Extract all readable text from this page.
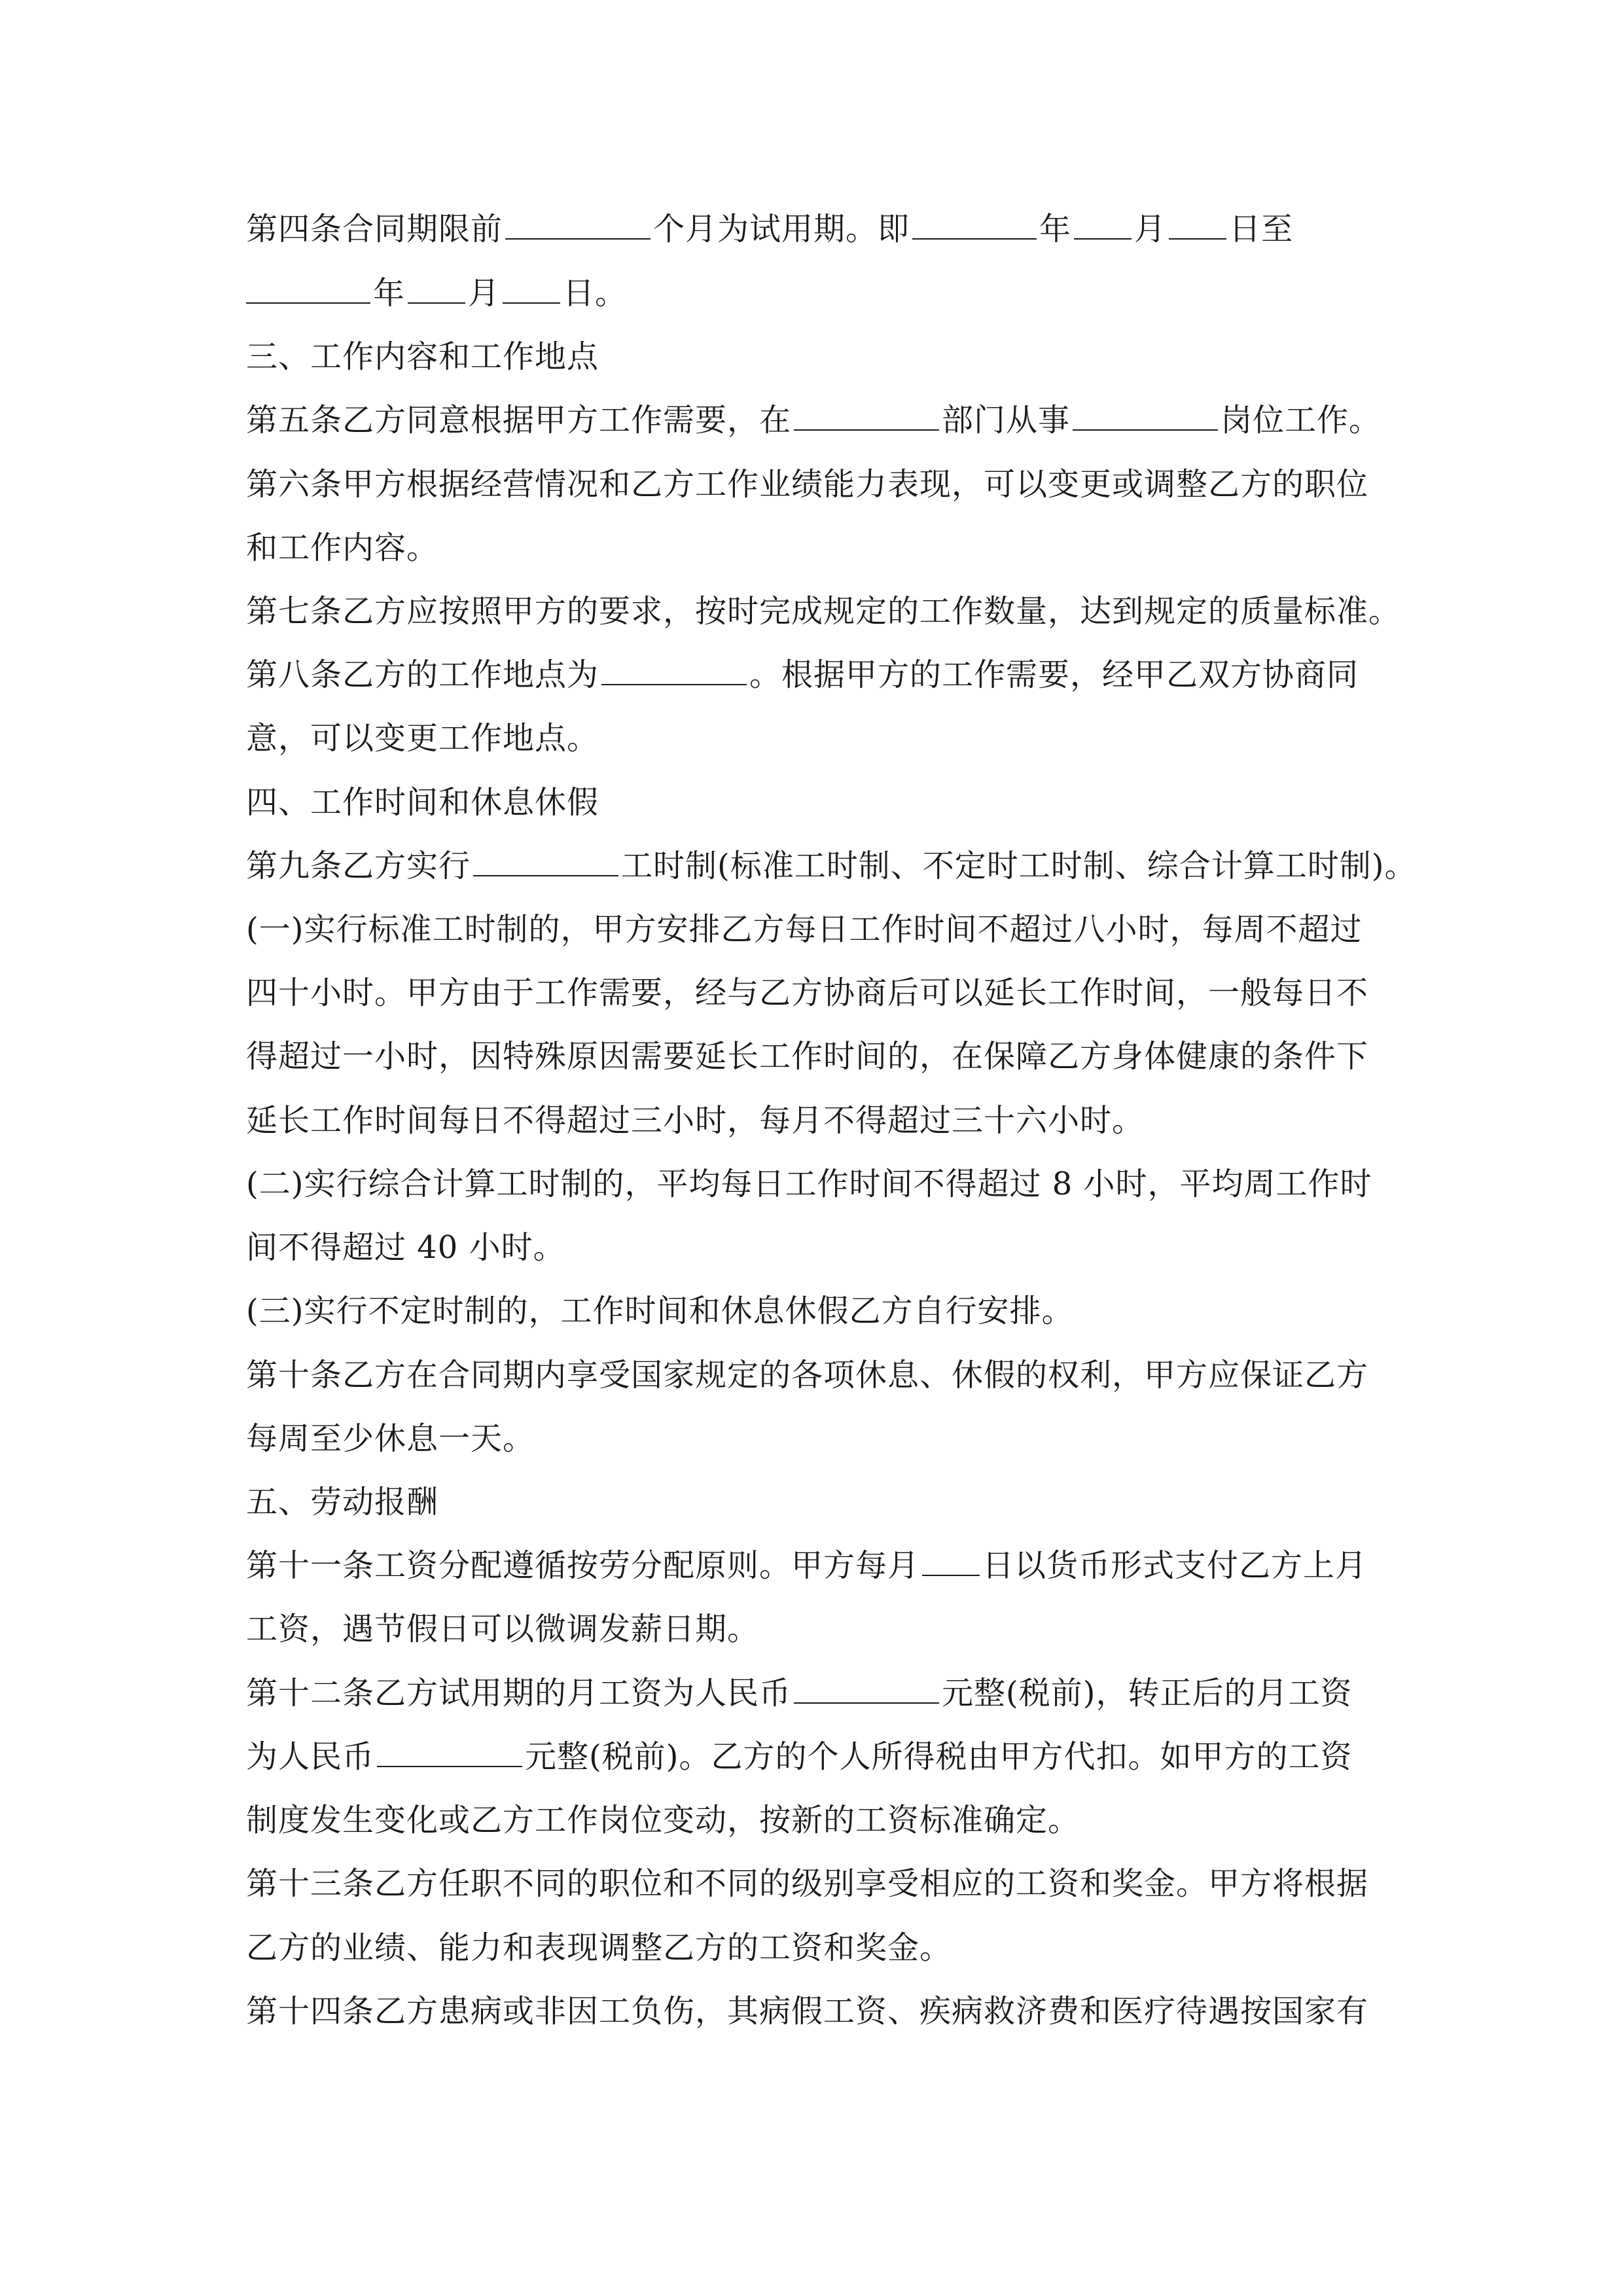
第四条合同期限前	个月为试用期。即	年 月 日至
年 月 日。
三、工作内容和工作地点
第五条乙方同意根据甲方工作需要，在	部门从事	岗位工作。
第六条甲方根据经营情况和乙方工作业绩能力表现，可以变更或调整乙方的职位
和工作内容。
第七条乙方应按照甲方的要求，按时完成规定的工作数量，达到规定的质量标准。
第八条乙方的工作地点为	。根据甲方的工作需要，经甲乙双方协商同
意，可以变更工作地点。
四、工作时间和休息休假
第九条乙方实行	工时制(标准工时制、不定时工时制、综合计算工时制)。
(一)实行标准工时制的，甲方安排乙方每日工作时间不超过八小时，每周不超过
四十小时。甲方由于工作需要，经与乙方协商后可以延长工作时间，一般每日不
得超过一小时，因特殊原因需要延长工作时间的，在保障乙方身体健康的条件下
延长工作时间每日不得超过三小时，每月不得超过三十六小时。
(二)实行综合计算工时制的，平均每日工作时间不得超过 8 小时，平均周工作时
间不得超过 40 小时。
(三)实行不定时制的，工作时间和休息休假乙方自行安排。
第十条乙方在合同期内享受国家规定的各项休息、休假的权利，甲方应保证乙方
每周至少休息一天。
五、劳动报酬
第十一条工资分配遵循按劳分配原则。甲方每月 日以货币形式支付乙方上月
工资，遇节假日可以微调发薪日期。
第十二条乙方试用期的月工资为人民币	元整(税前)，转正后的月工资
为人民币	元整(税前)。乙方的个人所得税由甲方代扣。如甲方的工资
制度发生变化或乙方工作岗位变动，按新的工资标准确定。
第十三条乙方任职不同的职位和不同的级别享受相应的工资和奖金。甲方将根据
乙方的业绩、能力和表现调整乙方的工资和奖金。
第十四条乙方患病或非因工负伤，其病假工资、疾病救济费和医疗待遇按国家有
